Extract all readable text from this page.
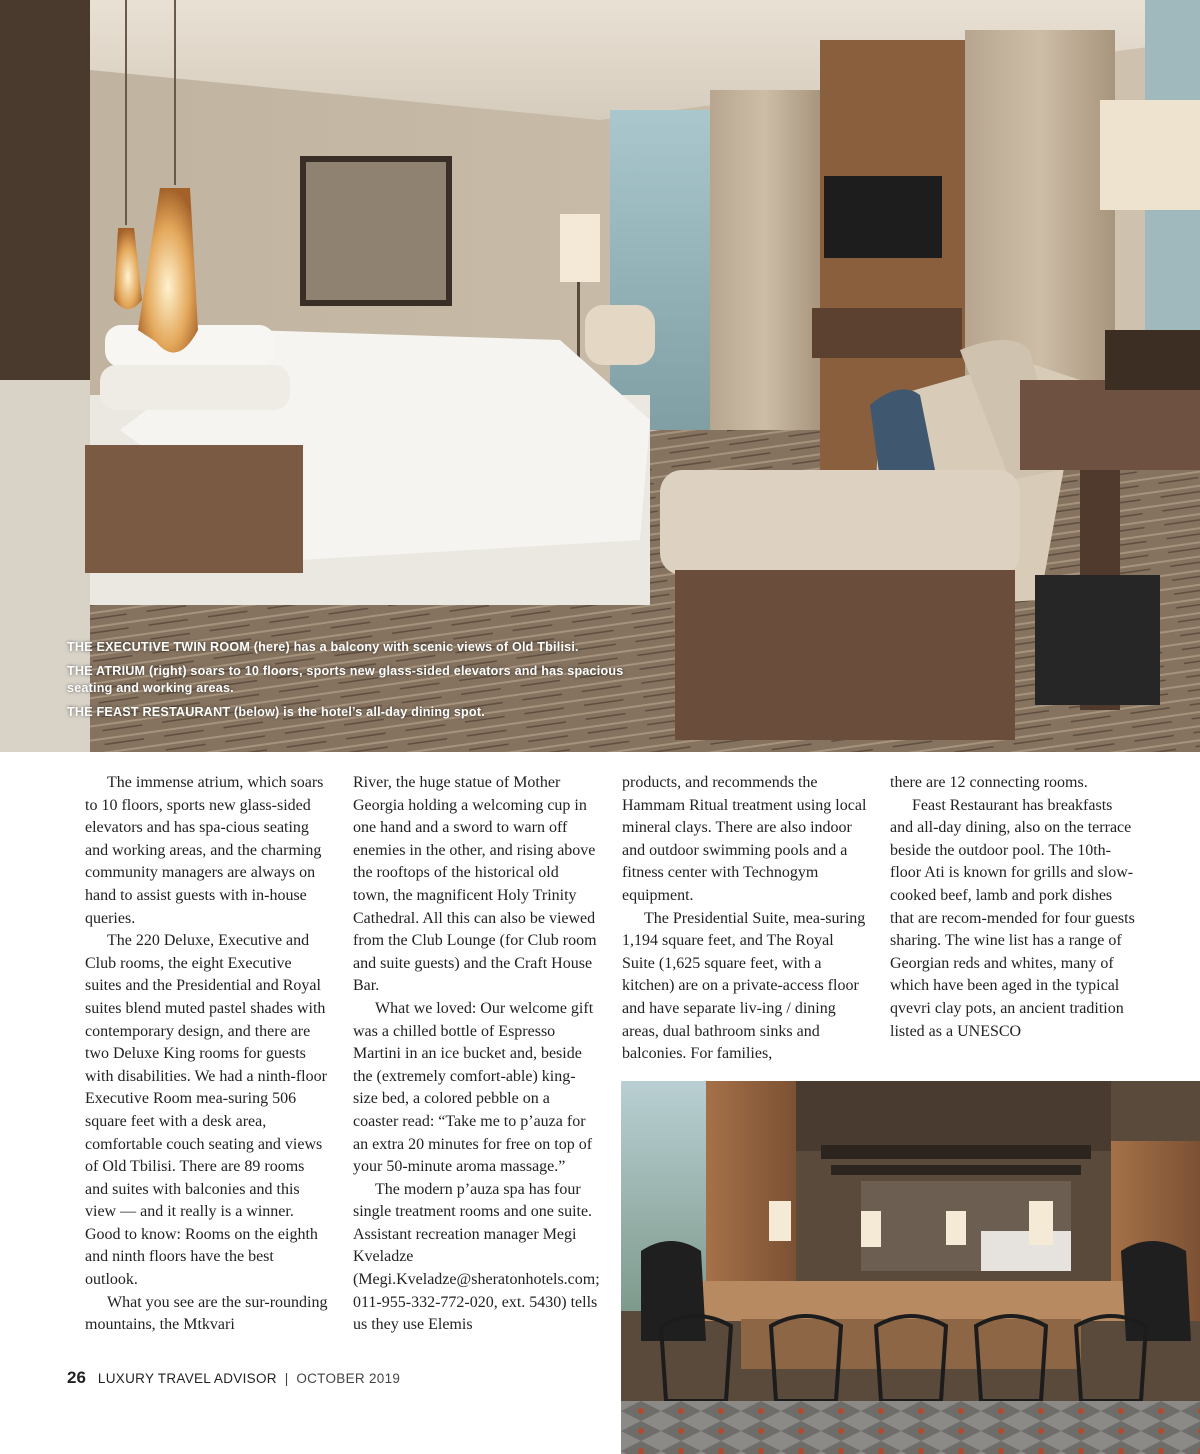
THE EXECUTIVE TWIN ROOM (here) has a balcony with scenic views of Old Tbilisi.

THE ATRIUM (right) soars to 10 floors, sports new glass-sided elevators and has spacious seating and working areas.

THE FEAST RESTAURANT (below) is the hotel’s all-day dining spot.

The immense atrium, which soars to 10 floors, sports new glass-sided elevators and has spa-cious seating and working areas, and the charming community managers are always on hand to assist guests with in-house queries.

The 220 Deluxe, Executive and Club rooms, the eight Executive suites and the Presidential and Royal suites blend muted pastel shades with contemporary design, and there are two Deluxe King rooms for guests with disabilities. We had a ninth-floor Executive Room mea-suring 506 square feet with a desk area, comfortable couch seating and views of Old Tbilisi. There are 89 rooms and suites with balconies and this view — and it really is a winner. Good to know: Rooms on the eighth and ninth floors have the best outlook.

What you see are the sur-rounding mountains, the Mtkvari

River, the huge statue of Mother Georgia holding a welcoming cup in one hand and a sword to warn off enemies in the other, and rising above the rooftops of the historical old town, the magnificent Holy Trinity Cathedral. All this can also be viewed from the Club Lounge (for Club room and suite guests) and the Craft House Bar.

What we loved: Our welcome gift was a chilled bottle of Espresso Martini in an ice bucket and, beside the (extremely comfort-able) king-size bed, a colored pebble on a coaster read: “Take me to p’auza for an extra 20 minutes for free on top of your 50-minute aroma massage.”

The modern p’auza spa has four single treatment rooms and one suite. Assistant recreation manager Megi Kveladze (Megi.Kveladze@sheratonhotels.com; 011-955-332-772-020, ext. 5430) tells us they use Elemis

products, and recommends the Hammam Ritual treatment using local mineral clays. There are also indoor and outdoor swimming pools and a fitness center with Technogym equipment.

The Presidential Suite, mea-suring 1,194 square feet, and The Royal Suite (1,625 square feet, with a kitchen) are on a private-access floor and have separate liv-ing / dining areas, dual bathroom sinks and balconies. For families,

there are 12 connecting rooms.

Feast Restaurant has breakfasts and all-day dining, also on the terrace beside the outdoor pool. The 10th-floor Ati is known for grills and slow-cooked beef, lamb and pork dishes that are recom-mended for four guests sharing. The wine list has a range of Georgian reds and whites, many of which have been aged in the typical qvevri clay pots, an ancient tradition listed as a UNESCO

26 LUXURY TRAVEL ADVISOR | OCTOBER 2019
